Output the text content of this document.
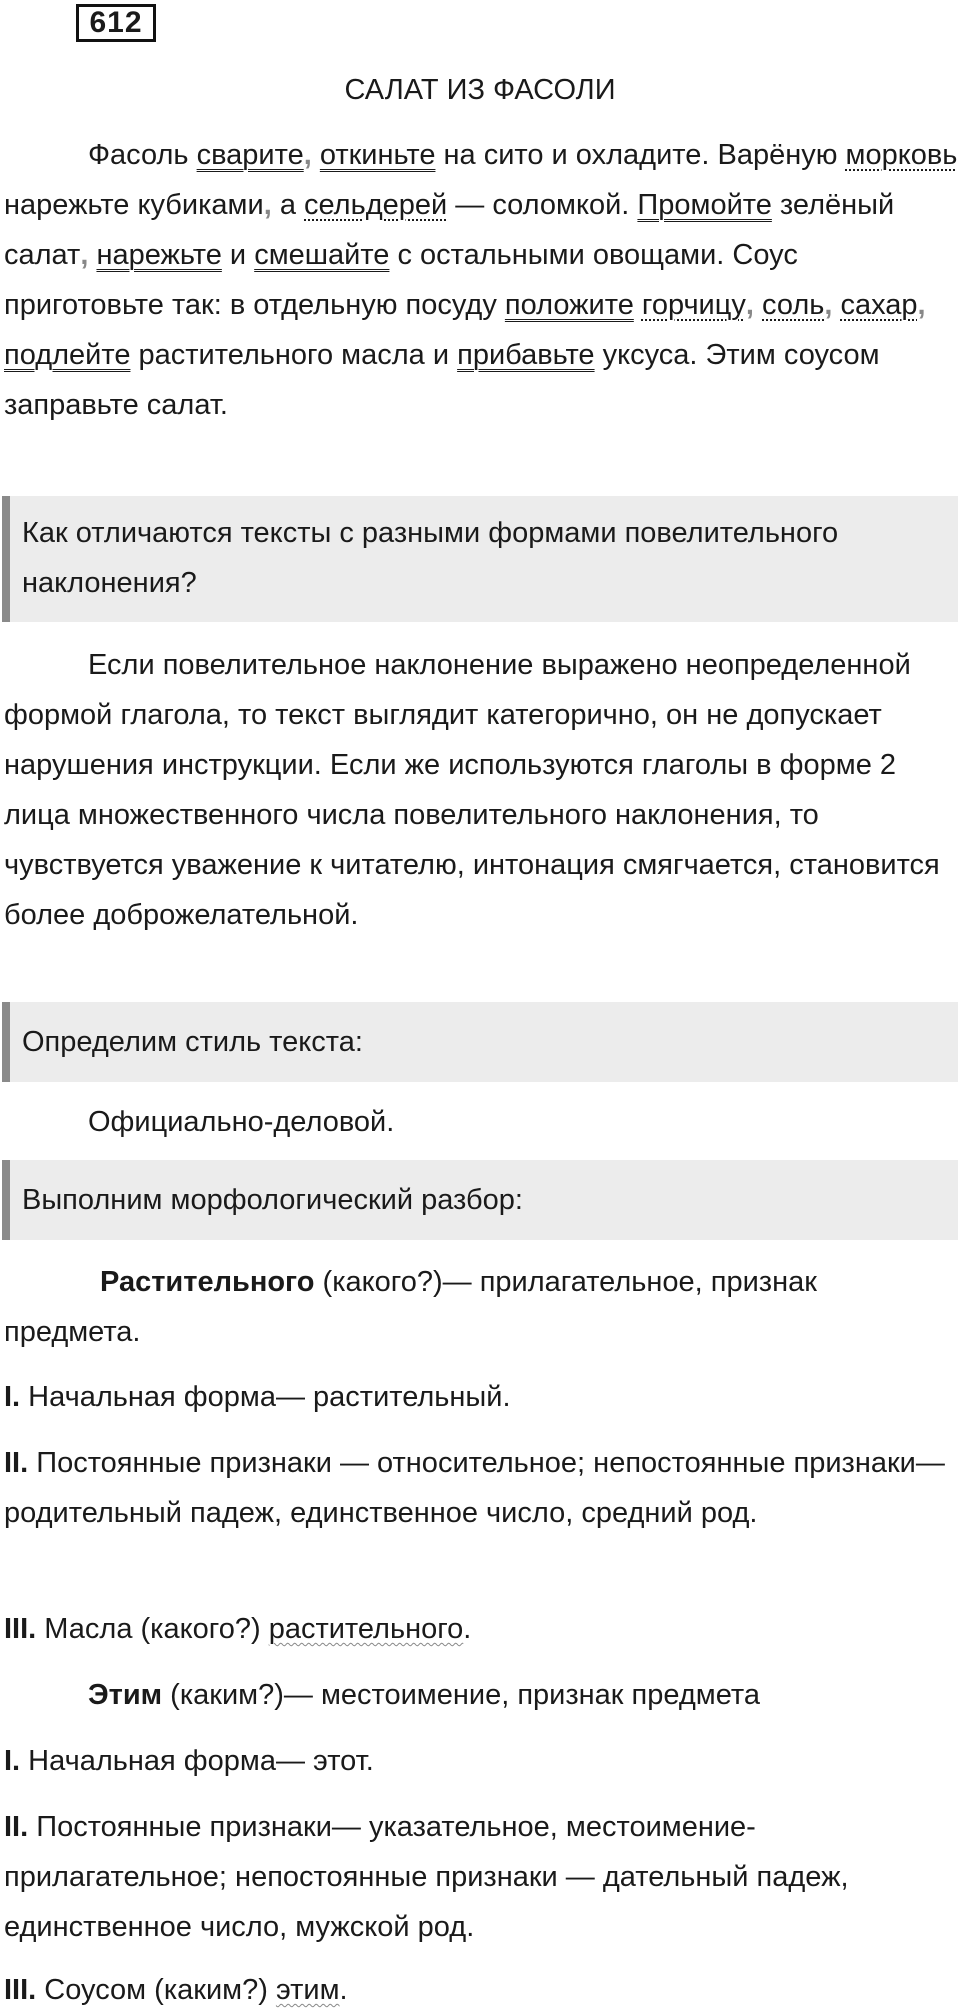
612
САЛАТ ИЗ ФАСОЛИ

Фасоль сварите, откиньте на сито и охладите. Варёную морковь нарежьте кубиками, а сельдерей — соломкой. Промойте зелёный салат, нарежьте и смешайте с остальными овощами. Соус приготовьте так: в отдельную посуду положите горчицу, соль, сахар, подлейте растительного масла и прибавьте уксуса. Этим соусом заправьте салат.

Как отличаются тексты с разными формами повелительного наклонения?

Если повелительное наклонение выражено неопределенной формой глагола, то текст выглядит категорично, он не допускает нарушения инструкции. Если же используются глаголы в форме 2 лица множественного числа повелительного наклонения, то чувствуется уважение к читателю, интонация смягчается, становится более доброжелательной.

Определим стиль текста:

Официально-деловой.

Выполним морфологический разбор:

Растительного (какого?)— прилагательное, признак предмета.

I. Начальная форма— растительный.

II. Постоянные признаки — относительное; непостоянные признаки— родительный падеж, единственное число, средний род.

III. Масла (какого?) растительного.

Этим (каким?)— местоимение, признак предмета

I. Начальная форма— этот.

II. Постоянные признаки— указательное, местоимение-прилагательное; непостоянные признаки — дательный падеж, единственное число, мужской род.

III. Соусом (каким?) этим.
